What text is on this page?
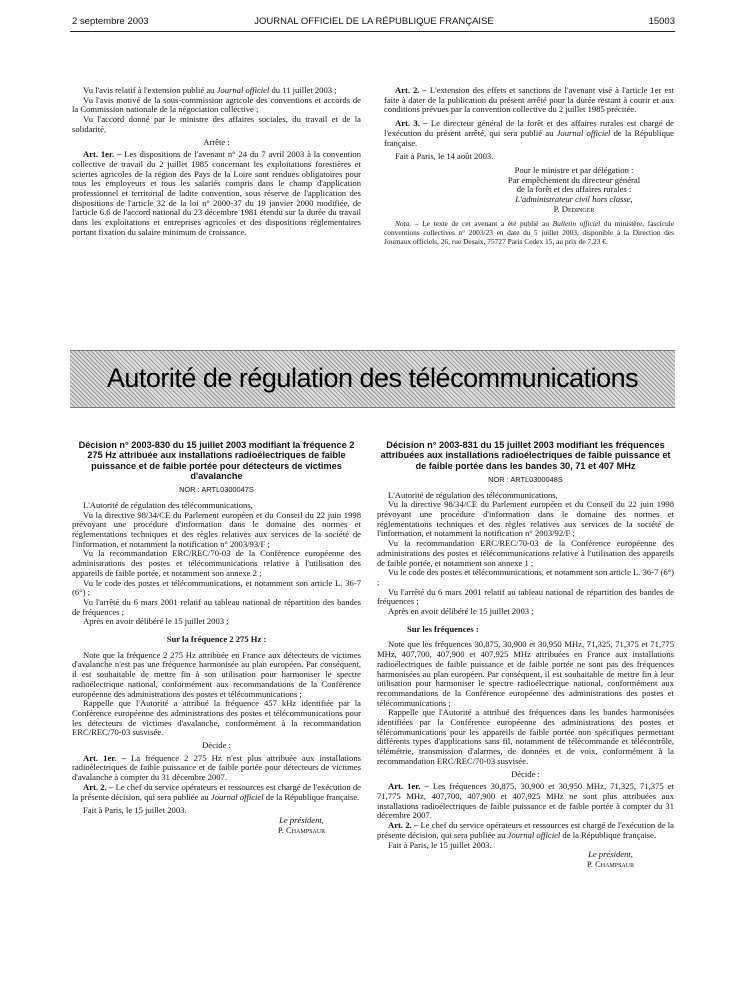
2 septembre 2003	JOURNAL OFFICIEL DE LA RÉPUBLIQUE FRANÇAISE	15003

Vu l'avis relatif à l'extension publié au Journal officiel du 11 juillet 2003 ;

Vu l'avis motivé de la sous-commission agricole des conventions et accords de la Commission nationale de la négociation collective ;

Vu l'accord donné par le ministre des affaires sociales, du travail et de la solidarité,

Arrête :

Art. 1er. – Les dispositions de l'avenant n° 24 du 7 avril 2003 à la convention collective de travail du 2 juillet 1985 concernant les exploitations forestières et scieries agricoles de la région des Pays de la Loire sont rendues obligatoires pour tous les employeurs et tous les salariés compris dans le champ d'application professionnel et territorial de ladite convention, sous réserve de l'application des dispositions de l'article 32 de la loi n° 2000-37 du 19 janvier 2000 modifiée, de l'article 6.6 de l'accord national du 23 décembre 1981 étendu sur la durée du travail dans les exploitations et entreprises agricoles et des dispositions réglementaires portant fixation du salaire minimum de croissance.

Art. 2. – L'extension des effets et sanctions de l'avenant visé à l'article 1er est faite à dater de la publication du présent arrêté pour la durée restant à courir et aux conditions prévues par la convention collective du 2 juillet 1985 précitée.

Art. 3. – Le directeur général de la forêt et des affaires rurales est chargé de l'exécution du présent arrêté, qui sera publié au Journal officiel de la République française.

Fait à Paris, le 14 août 2003.

Pour le ministre et par délégation :

Par empêchement du directeur général

de la forêt et des affaires rurales :

L'administrateur civil hors classe,

P. Dedinger

Nota. – Le texte de cet avenant a été publié au Bulletin officiel du ministère, fascicule conventions collectives n° 2003/23 en date du 5 juillet 2003, disponible à la Direction des Journaux officiels, 26, rue Desaix, 75727 Paris Cedex 15, au prix de 7,23 €.

Autorité de régulation des télécommunications

Décision n° 2003-830 du 15 juillet 2003 modifiant la fréquence 2 275 Hz attribuée aux installations radioélectriques de faible puissance et de faible portée pour détecteurs de victimes d'avalanche

NOR : ARTL0300047S

L'Autorité de régulation des télécommunications,

Vu la directive 98/34/CE du Parlement européen et du Conseil du 22 juin 1998 prévoyant une procédure d'information dans le domaine des normes et réglementations techniques et des règles relatives aux services de la société de l'information, et notamment la notification n° 2003/93/F ;

Vu la recommandation ERC/REC/70-03 de la Conférence européenne des administrations des postes et télécommunications relative à l'utilisation des appareils de faible portée, et notamment son annexe 2 ;

Vu le code des postes et télécommunications, et notamment son article L. 36-7 (6°) ;

Vu l'arrêté du 6 mars 2001 relatif au tableau national de répartition des bandes de fréquences ;

Après en avoir délibéré le 15 juillet 2003 ;

Sur la fréquence 2 275 Hz :

Note que la fréquence 2 275 Hz attribuée en France aux détecteurs de victimes d'avalanche n'est pas une fréquence harmonisée au plan européen. Par conséquent, il est souhaitable de mettre fin à son utilisation pour harmoniser le spectre radioélectrique national, conformément aux recommandations de la Conférence européenne des administrations des postes et télécommunications ;

Rappelle que l'Autorité a attribué la fréquence 457 kHz identifiée par la Conférence européenne des administrations des postes et télécommunications pour les détecteurs de victimes d'avalanche, conformément à la recommandation ERC/REC/70-03 susvisée.

Décide :

Art. 1er. – La fréquence 2 275 Hz n'est plus attribuée aux installations radioélectriques de faible puissance et de faible portée pour détecteurs de victimes d'avalanche à compter du 31 décembre 2007.

Art. 2. – Le chef du service opérateurs et ressources est chargé de l'exécution de la présente décision, qui sera publiée au Journal officiel de la République française.

Fait à Paris, le 15 juillet 2003.

Le président,

P. Champsaur

Décision n° 2003-831 du 15 juillet 2003 modifiant les fréquences attribuées aux installations radioélectriques de faible puissance et de faible portée dans les bandes 30, 71 et 407 MHz

NOR : ARTL0300048S

L'Autorité de régulation des télécommunications,

Vu la directive 98/34/CE du Parlement européen et du Conseil du 22 juin 1998 prévoyant une procédure d'information dans le domaine des normes et réglementations techniques et des règles relatives aux services de la société de l'information, et notamment la notification n° 2003/92/F ;

Vu la recommandation ERC/REC/70-03 de la Conférence européenne des administrations des postes et télécommunications relative à l'utilisation des appareils de faible portée, et notamment son annexe 1 ;

Vu le code des postes et télécommunications, et notamment son article L. 36-7 (6°) ;

Vu l'arrêté du 6 mars 2001 relatif au tableau national de répartition des bandes de fréquences ;

Après en avoir délibéré le 15 juillet 2003 ;

Sur les fréquences :

Note que les fréquences 30,875, 30,900 et 30,950 MHz, 71,325, 71,375 et 71,775 MHz, 407,700, 407,900 et 407,925 MHz attribuées en France aux installations radioélectriques de faible puissance et de faible portée ne sont pas des fréquences harmonisées au plan européen. Par conséquent, il est souhaitable de mettre fin à leur utilisation pour harmoniser le spectre radioélectrique national, conformément aux recommandations de la Conférence européenne des administrations des postes et télécommunications ;

Rappelle que l'Autorité a attribué des fréquences dans les bandes harmonisées identifiées par la Conférence européenne des administrations des postes et télécommunications pour les appareils de faible portée non spécifiques permettant différents types d'applications sans fil, notamment de télécommande et télécontrôle, télémétrie, transmission d'alarmes, de données et de voix, conformément à la recommandation ERC/REC/70-03 susvisée.

Décide :

Art. 1er. – Les fréquences 30,875, 30,900 et 30,950 MHz, 71,325, 71,375 et 71,775 MHz, 407,700, 407,900 et 407,925 MHz ne sont plus attribuées aux installations radioélectriques de faible puissance et de faible portée à compter du 31 décembre 2007.

Art. 2. – Le chef du service opérateurs et ressources est chargé de l'exécution de la présente décision, qui sera publiée au Journal officiel de la République française.

Fait à Paris, le 15 juillet 2003.

Le président,

P. Champsaur
